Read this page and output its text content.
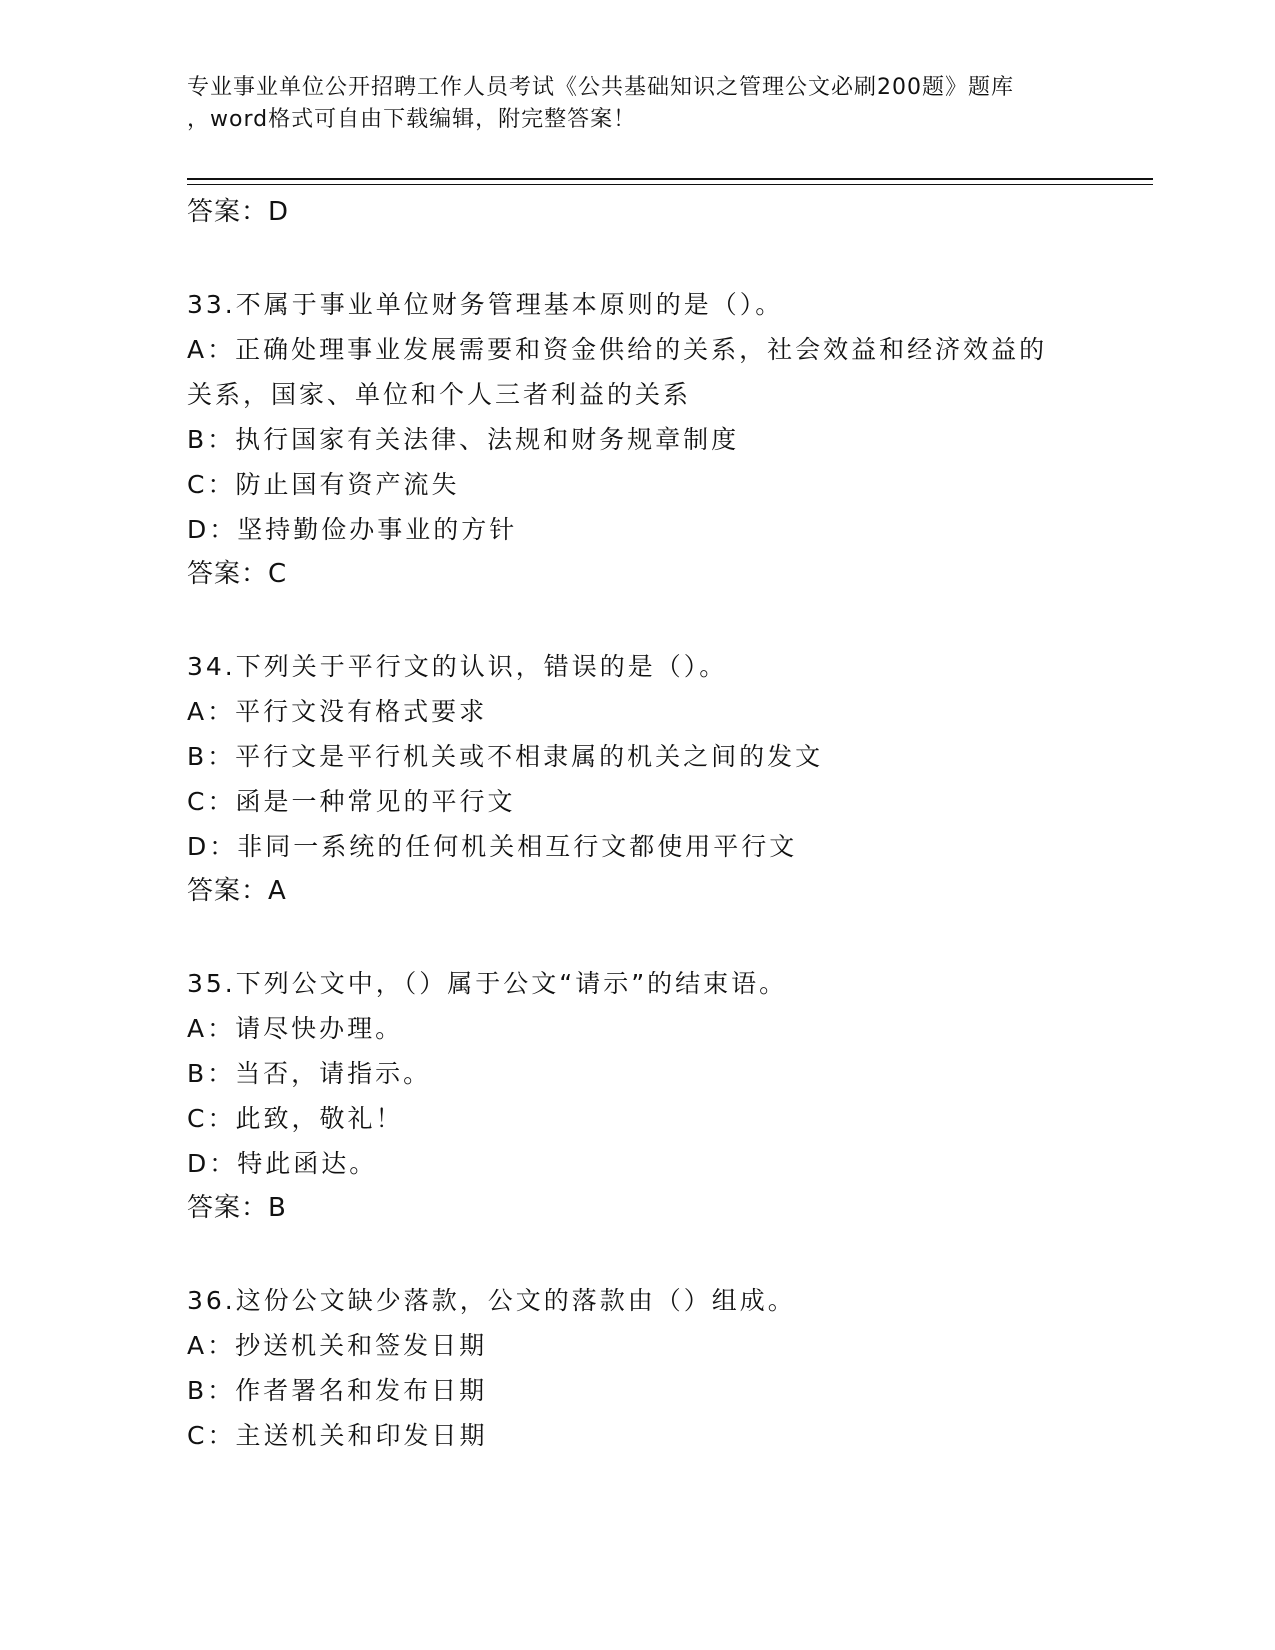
专业事业单位公开招聘工作人员考试《公共基础知识之管理公文必刷200题》题库
，word格式可自由下载编辑，附完整答案！
答案：D
33.不属于事业单位财务管理基本原则的是（）。
A：正确处理事业发展需要和资金供给的关系，社会效益和经济效益的
关系，国家、单位和个人三者利益的关系
B：执行国家有关法律、法规和财务规章制度
C：防止国有资产流失
D：坚持勤俭办事业的方针
答案：C
34.下列关于平行文的认识，错误的是（）。
A：平行文没有格式要求
B：平行文是平行机关或不相隶属的机关之间的发文
C：函是一种常见的平行文
D：非同一系统的任何机关相互行文都使用平行文
答案：A
35.下列公文中，（）属于公文“请示”的结束语。
A：请尽快办理。
B：当否，请指示。
C：此致，敬礼！
D：特此函达。
答案：B
36.这份公文缺少落款，公文的落款由（）组成。
A：抄送机关和签发日期
B：作者署名和发布日期
C：主送机关和印发日期
